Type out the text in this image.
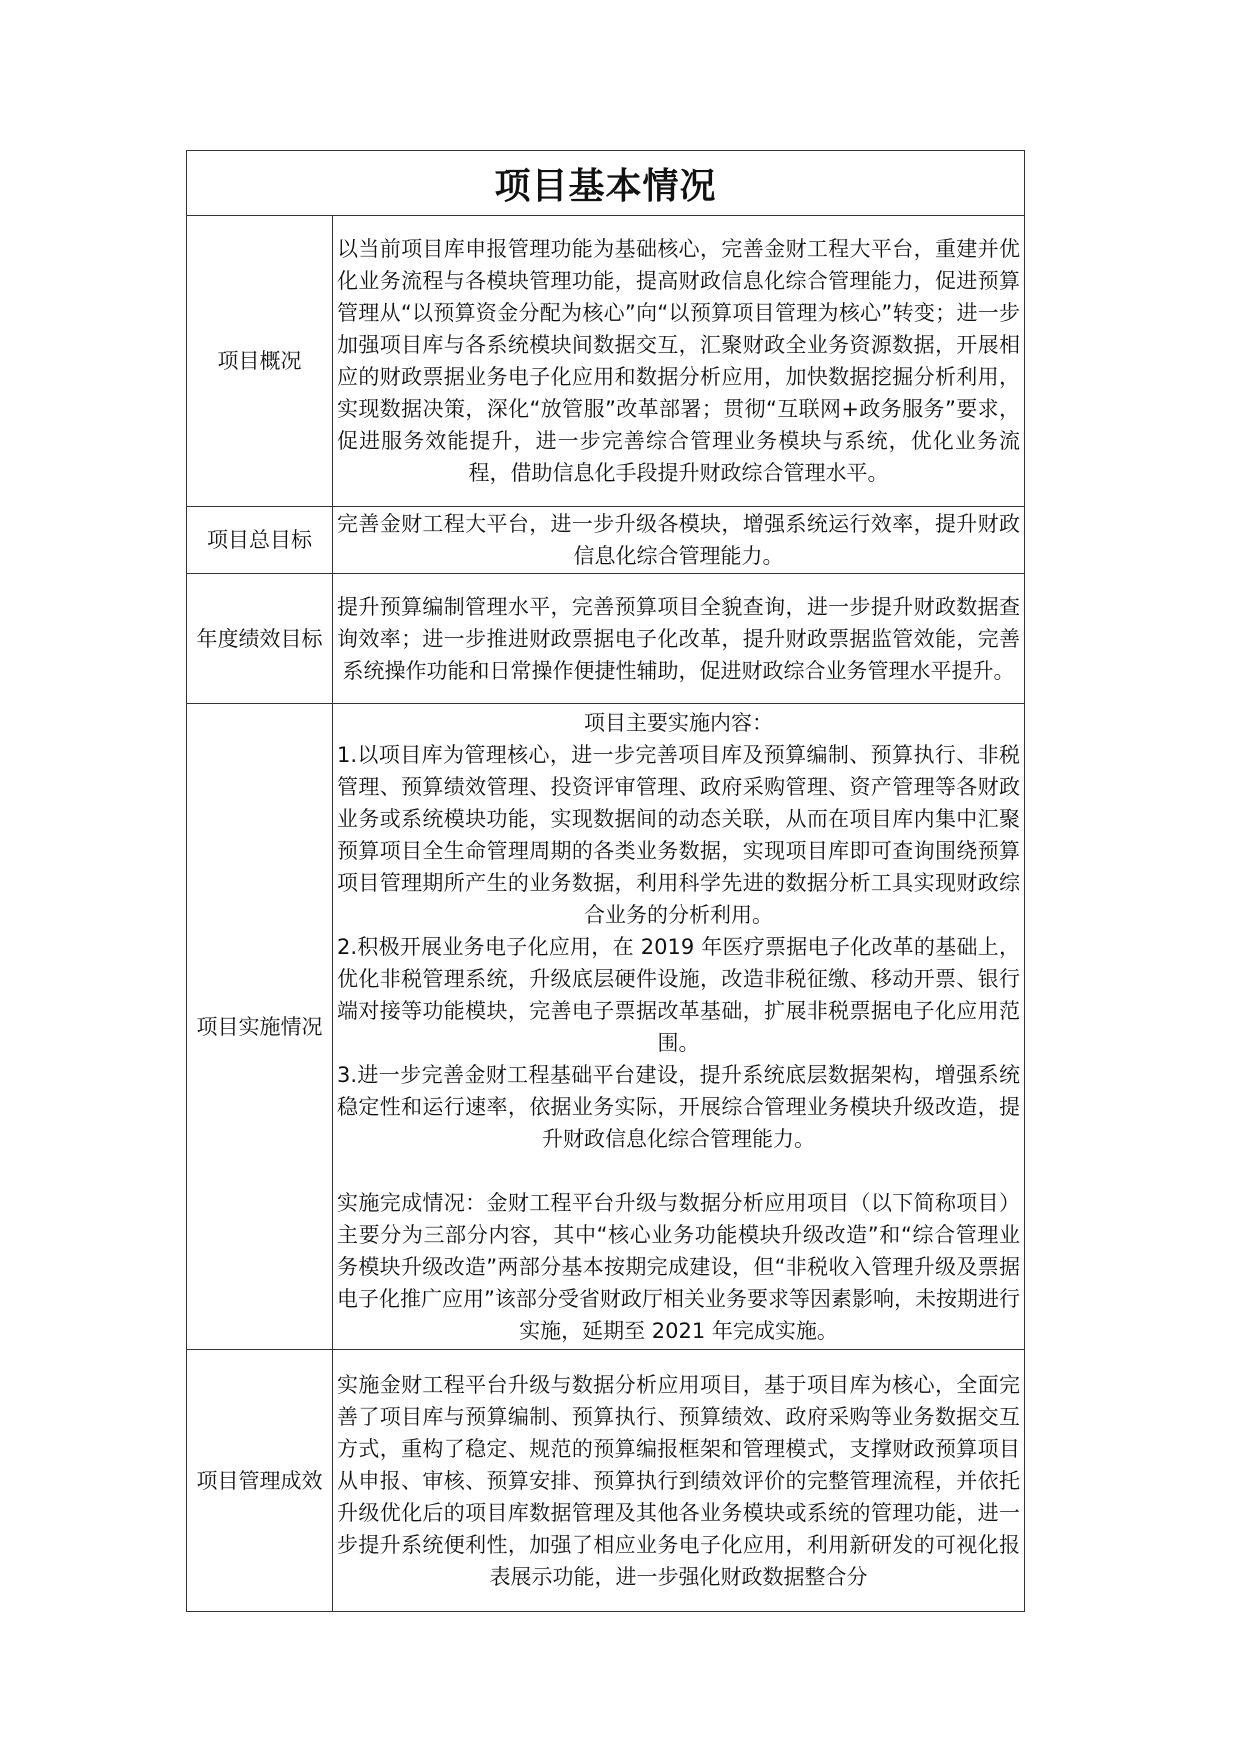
项目基本情况	
项目概况	以当前项目库申报管理功能为基础核心，完善金财工程大平台，重建并优化业务流程与各模块管理功能，提高财政信息化综合管理能力，促进预算管理从“以预算资金分配为核心”向“以预算项目管理为核心”转变；进一步加强项目库与各系统模块间数据交互，汇聚财政全业务资源数据，开展相应的财政票据业务电子化应用和数据分析应用，加快数据挖掘分析利用，实现数据决策，深化“放管服”改革部署；贯彻“互联网+政务服务”要求，促进服务效能提升，进一步完善综合管理业务模块与系统，优化业务流程，借助信息化手段提升财政综合管理水平。

项目总目标	完善金财工程大平台，进一步升级各模块，增强系统运行效率，提升财政信息化综合管理能力。

年度绩效目标	提升预算编制管理水平，完善预算项目全貌查询，进一步提升财政数据查询效率；进一步推进财政票据电子化改革，提升财政票据监管效能，完善系统操作功能和日常操作便捷性辅助，促进财政综合业务管理水平提升。

项目实施情况	项目主要实施内容：
1.以项目库为管理核心，进一步完善项目库及预算编制、预算执行、非税管理、预算绩效管理、投资评审管理、政府采购管理、资产管理等各财政业务或系统模块功能，实现数据间的动态关联，从而在项目库内集中汇聚预算项目全生命管理周期的各类业务数据，实现项目库即可查询围绕预算项目管理期所产生的业务数据，利用科学先进的数据分析工具实现财政综合业务的分析利用。
2.积极开展业务电子化应用，在 2019 年医疗票据电子化改革的基础上，优化非税管理系统，升级底层硬件设施，改造非税征缴、移动开票、银行端对接等功能模块，完善电子票据改革基础，扩展非税票据电子化应用范围。
3.进一步完善金财工程基础平台建设，提升系统底层数据架构，增强系统稳定性和运行速率，依据业务实际，开展综合管理业务模块升级改造，提升财政信息化综合管理能力。
实施完成情况：金财工程平台升级与数据分析应用项目（以下简称项目）主要分为三部分内容，其中“核心业务功能模块升级改造”和“综合管理业务模块升级改造”两部分基本按期完成建设，但“非税收入管理升级及票据电子化推广应用”该部分受省财政厅相关业务要求等因素影响，未按期进行实施，延期至 2021 年完成实施。

项目管理成效	实施金财工程平台升级与数据分析应用项目，基于项目库为核心，全面完善了项目库与预算编制、预算执行、预算绩效、政府采购等业务数据交互方式，重构了稳定、规范的预算编报框架和管理模式，支撑财政预算项目从申报、审核、预算安排、预算执行到绩效评价的完整管理流程，并依托升级优化后的项目库数据管理及其他各业务模块或系统的管理功能，进一步提升系统便利性，加强了相应业务电子化应用，利用新研发的可视化报表展示功能，进一步强化财政数据整合分
